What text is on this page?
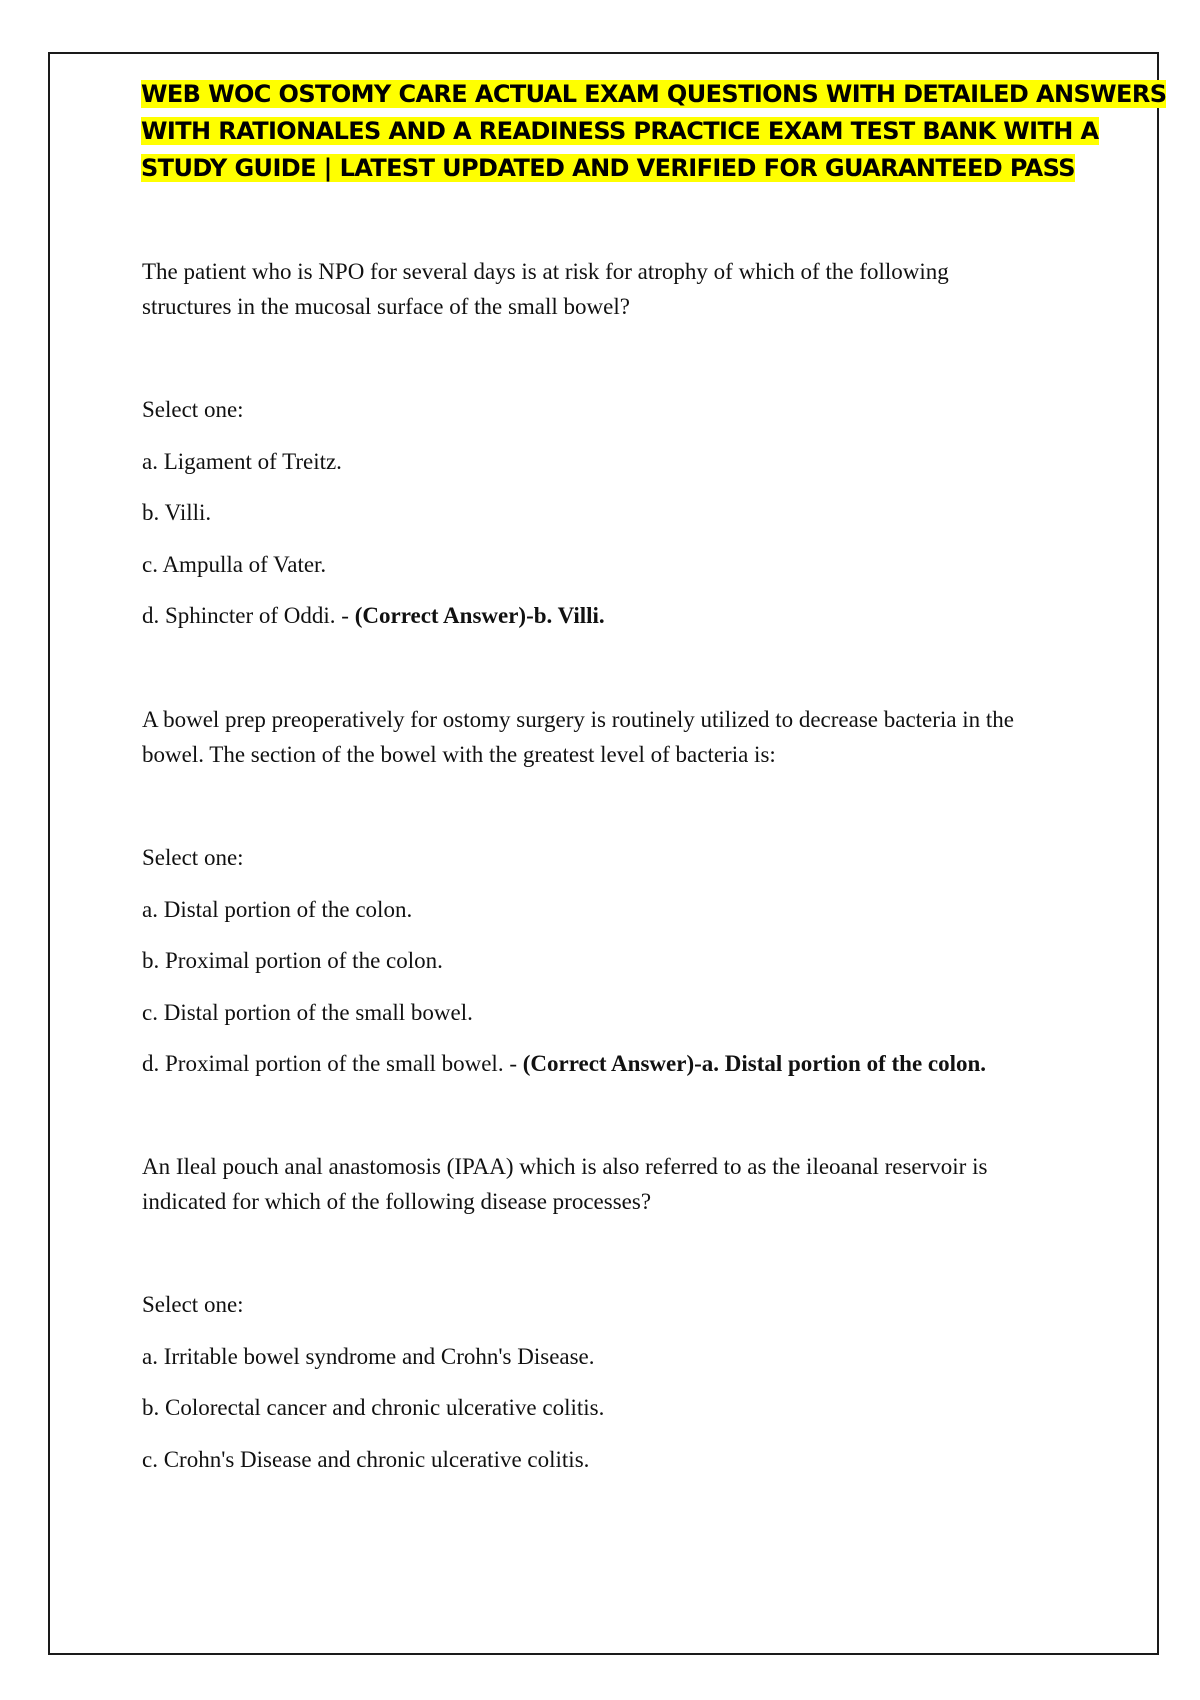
WEB WOC OSTOMY CARE ACTUAL EXAM QUESTIONS WITH DETAILED ANSWERS
WITH RATIONALES AND A READINESS PRACTICE EXAM TEST BANK WITH A
STUDY GUIDE | LATEST UPDATED AND VERIFIED FOR GUARANTEED PASS
The patient who is NPO for several days is at risk for atrophy of which of the following
structures in the mucosal surface of the small bowel?
Select one:
a. Ligament of Treitz.
b. Villi.
c. Ampulla of Vater.
d. Sphincter of Oddi. - (Correct Answer)-b. Villi.
A bowel prep preoperatively for ostomy surgery is routinely utilized to decrease bacteria in the
bowel. The section of the bowel with the greatest level of bacteria is:
Select one:
a. Distal portion of the colon.
b. Proximal portion of the colon.
c. Distal portion of the small bowel.
d. Proximal portion of the small bowel. - (Correct Answer)-a. Distal portion of the colon.
An Ileal pouch anal anastomosis (IPAA) which is also referred to as the ileoanal reservoir is
indicated for which of the following disease processes?
Select one:
a. Irritable bowel syndrome and Crohn's Disease.
b. Colorectal cancer and chronic ulcerative colitis.
c. Crohn's Disease and chronic ulcerative colitis.
